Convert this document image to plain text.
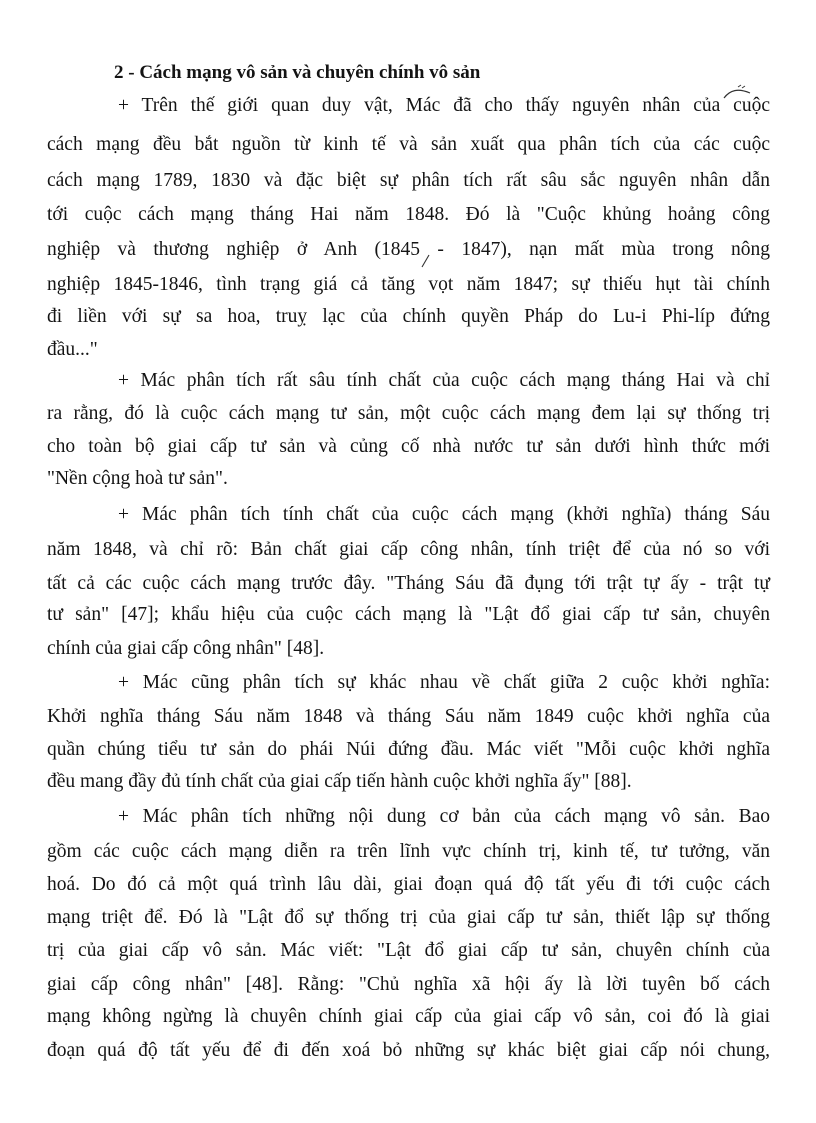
2 - Cách mạng vô sản và chuyên chính vô sản
+ Trên thế giới quan duy vật, Mác đã cho thấy nguyên nhân của cuộc
cách mạng đều bắt nguồn từ kinh tế và sản xuất qua phân tích của các cuộc
cách mạng 1789, 1830 và đặc biệt sự phân tích rất sâu sắc nguyên nhân dẫn
tới cuộc cách mạng tháng Hai năm 1848. Đó là "Cuộc khủng hoảng công
nghiệp và thương nghiệp ở Anh (1845 - 1847), nạn mất mùa trong nông
nghiệp 1845-1846, tình trạng giá cả tăng vọt năm 1847; sự thiếu hụt tài chính
đi liền với sự sa hoa, truỵ lạc của chính quyền Pháp do Lu-i Phi-líp đứng
đầu..."
+ Mác phân tích rất sâu tính chất của cuộc cách mạng tháng Hai và chỉ
ra rằng, đó là cuộc cách mạng tư sản, một cuộc cách mạng đem lại sự thống trị
cho toàn bộ giai cấp tư sản và củng cố nhà nước tư sản dưới hình thức mới
"Nền cộng hoà tư sản".
+ Mác phân tích tính chất của cuộc cách mạng (khởi nghĩa) tháng Sáu
năm 1848, và chỉ rõ: Bản chất giai cấp công nhân, tính triệt để của nó so với
tất cả các cuộc cách mạng trước đây. "Tháng Sáu đã đụng tới trật tự ấy - trật tự
tư sản" [47]; khẩu hiệu của cuộc cách mạng là "Lật đổ giai cấp tư sản, chuyên
chính của giai cấp công nhân" [48].
+ Mác cũng phân tích sự khác nhau về chất giữa 2 cuộc khởi nghĩa:
Khởi nghĩa tháng Sáu năm 1848 và tháng Sáu năm 1849 cuộc khởi nghĩa của
quần chúng tiểu tư sản do phái Núi đứng đầu. Mác viết "Mỗi cuộc khởi nghĩa
đều mang đầy đủ tính chất của giai cấp tiến hành cuộc khởi nghĩa ấy" [88].
+ Mác phân tích những nội dung cơ bản của cách mạng vô sản. Bao
gồm các cuộc cách mạng diễn ra trên lĩnh vực chính trị, kinh tế, tư tưởng, văn
hoá. Do đó cả một quá trình lâu dài, giai đoạn quá độ tất yếu đi tới cuộc cách
mạng triệt để. Đó là "Lật đổ sự thống trị của giai cấp tư sản, thiết lập sự thống
trị của giai cấp vô sản. Mác viết: "Lật đổ giai cấp tư sản, chuyên chính của
giai cấp công nhân" [48]. Rằng: "Chủ nghĩa xã hội ấy là lời tuyên bố cách
mạng không ngừng là chuyên chính giai cấp của giai cấp vô sản, coi đó là giai
đoạn quá độ tất yếu để đi đến xoá bỏ những sự khác biệt giai cấp nói chung,
